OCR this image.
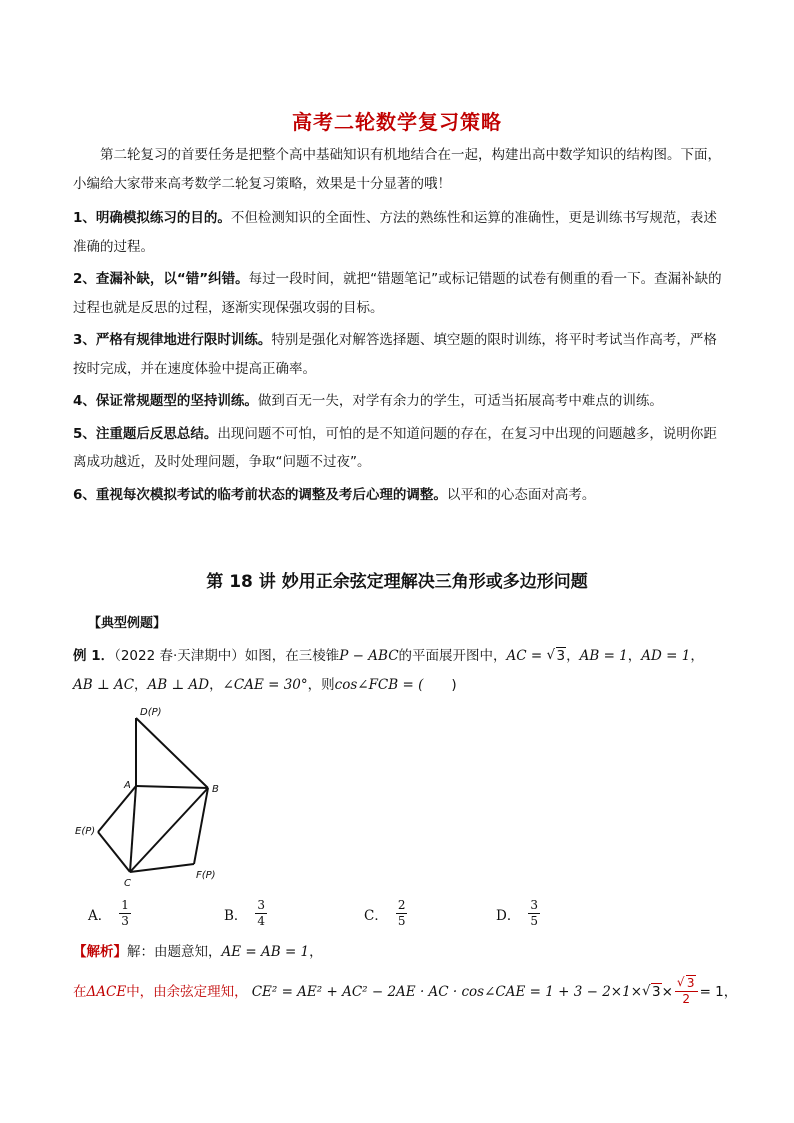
高考二轮数学复习策略
第二轮复习的首要任务是把整个高中基础知识有机地结合在一起，构建出高中数学知识的结构图。下面，小编给大家带来高考数学二轮复习策略，效果是十分显著的哦！

1、明确模拟练习的目的。不但检测知识的全面性、方法的熟练性和运算的准确性，更是训练书写规范，表述准确的过程。

2、查漏补缺，以“错”纠错。每过一段时间，就把“错题笔记”或标记错题的试卷有侧重的看一下。查漏补缺的过程也就是反思的过程，逐渐实现保强攻弱的目标。

3、严格有规律地进行限时训练。特别是强化对解答选择题、填空题的限时训练，将平时考试当作高考，严格按时完成，并在速度体验中提高正确率。

4、保证常规题型的坚持训练。做到百无一失，对学有余力的学生，可适当拓展高考中难点的训练。

5、注重题后反思总结。出现问题不可怕，可怕的是不知道问题的存在，在复习中出现的问题越多，说明你距离成功越近，及时处理问题，争取“问题不过夜”。

6、重视每次模拟考试的临考前状态的调整及考后心理的调整。以平和的心态面对高考。

第 18 讲 妙用正余弦定理解决三角形或多边形问题
【典型例题】
例 1．（2022 春·天津期中）如图，在三棱锥P − ABC的平面展开图中，AC = √ 3，AB = 1，AD = 1，
AB ⊥ AC，AB ⊥ AD，∠CAE = 30°，则cos∠FCB = ( )
D(P)
A	B
E(P)
C
F(P)
A． $\frac{1}{3}$	B． $\frac{3}{4}$	C． $\frac{2}{5}$	D． $\frac{3}{5}$
【解析】解：由题意知，AE = AB = 1，
在 ΔACE 中，由余弦定理知， CE² = AE² + AC² − 2AE · AC · cos∠CAE = 1 + 3 − 2×1× √ 3 × √ $\frac{3}{2} = 1$ ，
